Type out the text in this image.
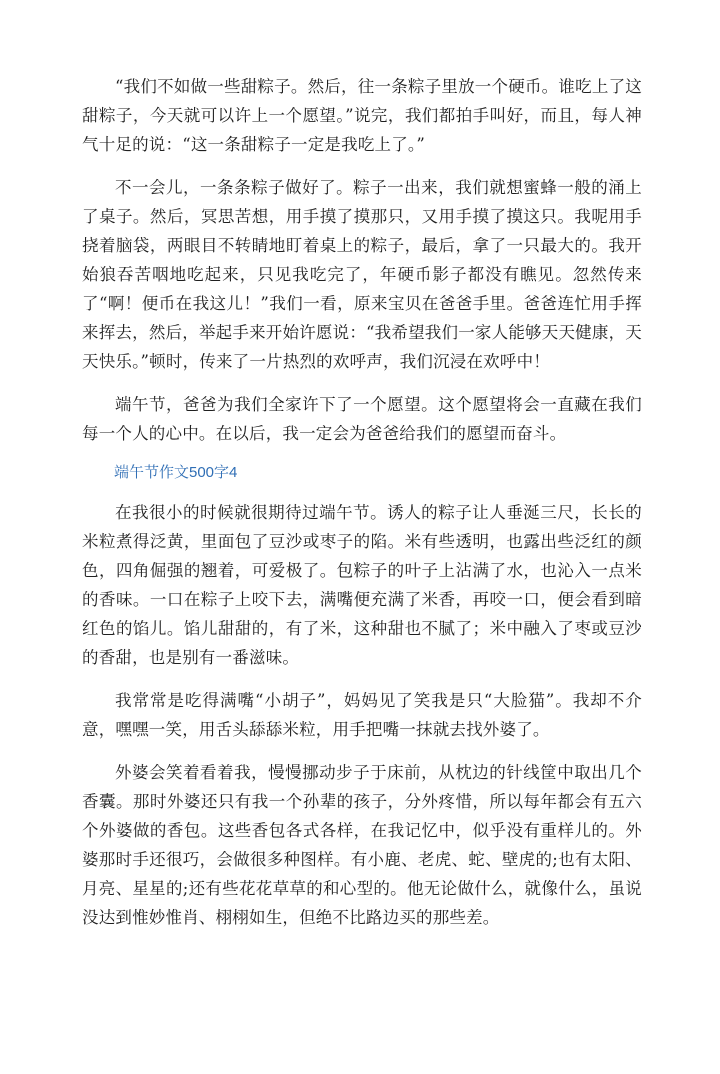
“我们不如做一些甜粽子。然后，往一条粽子里放一个硬币。谁吃上了这甜粽子，今天就可以许上一个愿望。”说完，我们都拍手叫好，而且，每人神气十足的说：“这一条甜粽子一定是我吃上了。”

不一会儿，一条条粽子做好了。粽子一出来，我们就想蜜蜂一般的涌上了桌子。然后，冥思苦想，用手摸了摸那只，又用手摸了摸这只。我呢用手挠着脑袋，两眼目不转睛地盯着桌上的粽子，最后，拿了一只最大的。我开始狼吞苦咽地吃起来，只见我吃完了，年硬币影子都没有瞧见。忽然传来了“啊！便币在我这儿！”我们一看，原来宝贝在爸爸手里。爸爸连忙用手挥来挥去，然后，举起手来开始许愿说：“我希望我们一家人能够天天健康，天天快乐。”顿时，传来了一片热烈的欢呼声，我们沉浸在欢呼中！

端午节，爸爸为我们全家许下了一个愿望。这个愿望将会一直藏在我们每一个人的心中。在以后，我一定会为爸爸给我们的愿望而奋斗。

端午节作文500字4

在我很小的时候就很期待过端午节。诱人的粽子让人垂涎三尺，长长的米粒煮得泛黄，里面包了豆沙或枣子的陷。米有些透明，也露出些泛红的颜色，四角倔强的翘着，可爱极了。包粽子的叶子上沾满了水，也沁入一点米的香味。一口在粽子上咬下去，满嘴便充满了米香，再咬一口，便会看到暗红色的馅儿。馅儿甜甜的，有了米，这种甜也不腻了；米中融入了枣或豆沙的香甜，也是别有一番滋味。

我常常是吃得满嘴“小胡子”，妈妈见了笑我是只“大脸猫”。我却不介意，嘿嘿一笑，用舌头舔舔米粒，用手把嘴一抹就去找外婆了。

外婆会笑着看着我，慢慢挪动步子于床前，从枕边的针线筐中取出几个香囊。那时外婆还只有我一个孙辈的孩子，分外疼惜，所以每年都会有五六个外婆做的香包。这些香包各式各样，在我记忆中，似乎没有重样儿的。外婆那时手还很巧，会做很多种图样。有小鹿、老虎、蛇、壁虎的;也有太阳、月亮、星星的;还有些花花草草的和心型的。他无论做什么，就像什么，虽说没达到惟妙惟肖、栩栩如生，但绝不比路边买的那些差。
